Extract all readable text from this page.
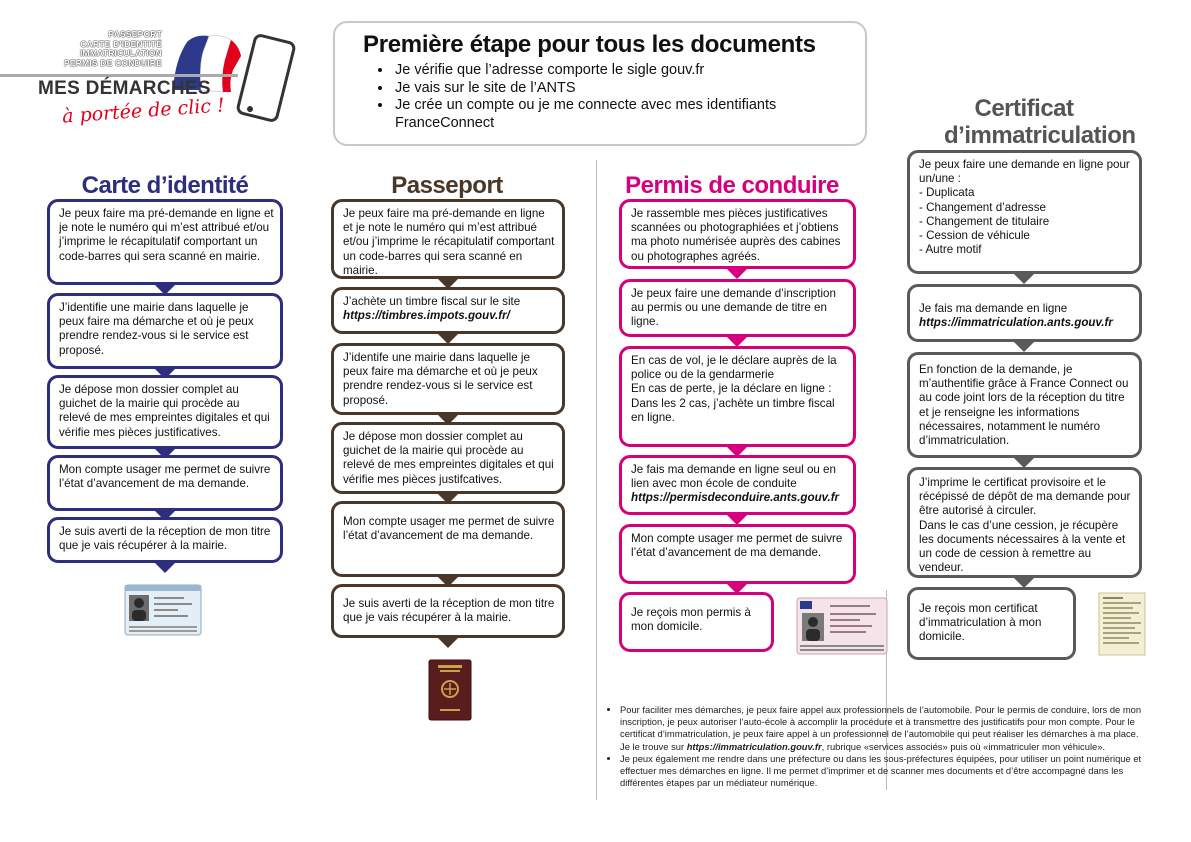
PASSEPORT
CARTE D'IDENTITÉ
IMMATRICULATION
PERMIS DE CONDUIRE
MES DÉMARCHES
à portée de clic !
Première étape pour tous les documents
• Je vérifie que l’adresse comporte le sigle gouv.fr
• Je vais sur le site de l’ANTS
• Je crée un compte ou je me connecte avec mes identifiants FranceConnect
Carte d’identité
Je peux faire ma pré-demande en ligne et je note le numéro qui m’est attribué et/ou j’imprime le récapitulatif comportant un code-barres qui sera scanné en mairie.
J’identifie une mairie dans laquelle je peux faire ma démarche et où je peux prendre rendez-vous si le service est proposé.
Je dépose mon dossier complet au guichet de la mairie qui procède au relevé de mes empreintes digitales et qui vérifie mes pièces justificatives.
Mon compte usager me permet de suivre l’état d’avancement de ma demande.
Je suis averti de la réception de mon titre que je vais récupérer à la mairie.
Passeport
Je peux faire ma pré-demande en ligne et je note le numéro qui m’est attribué et/ou j’imprime le récapitulatif comportant un code-barres qui sera scanné en mairie.
J’achète un timbre fiscal sur le site
https://timbres.impots.gouv.fr/
J’identife une mairie dans laquelle je peux faire ma démarche et où je peux prendre rendez-vous si le service est proposé.
Je dépose mon dossier complet au guichet de la mairie qui procède au relevé de mes empreintes digitales et qui vérifie mes pièces justifcatives.
Mon compte usager me permet de suivre l’état d’avancement de ma demande.
Je suis averti de la réception de mon titre que je vais récupérer à la mairie.
Permis de conduire
Je rassemble mes pièces justificatives scannées ou photographiées et j’obtiens ma photo numérisée auprès des cabines ou photographes agréés.
Je peux faire une demande d’inscription au permis ou une demande de titre en ligne.
En cas de vol, je le déclare auprès de la police ou de la gendarmerie
En cas de perte, je la déclare en ligne :
Dans les 2 cas, j’achète un timbre fiscal en ligne.
Je fais ma demande en ligne seul ou en lien avec mon école de conduite
https://permisdeconduire.ants.gouv.fr
Mon compte usager me permet de suivre l’état d’avancement de ma demande.
Je reçois mon permis à mon domicile.
Certificat d’immatriculation
Je peux faire une demande en ligne pour un/une :
- Duplicata
- Changement d’adresse
- Changement de titulaire
- Cession de véhicule
- Autre motif
Je fais ma demande en ligne
https://immatriculation.ants.gouv.fr
En fonction de la demande, je m’authentifie grâce à France Connect ou au code joint lors de la réception du titre et je renseigne les informations nécessaires, notamment le numéro d’immatriculation.
J’imprime le certificat provisoire et le récépissé de dépôt de ma demande pour être autorisé à circuler.
Dans le cas d’une cession, je récupère les documents nécessaires à la vente et un code de cession à remettre au vendeur.
Je reçois mon certificat d’immatriculation à mon domicile.
• Pour faciliter mes démarches, je peux faire appel aux professionnels de l’automobile. Pour le permis de conduire, lors de mon inscription, je peux autoriser l’auto-école à accomplir la procédure et à transmettre des justificatifs pour mon compte. Pour le certificat d’immatriculation, je peux faire appel à un professionnel de l’automobile qui peut réaliser les démarches à ma place. Je le trouve sur https://immatriculation.gouv.fr, rubrique «services associés» puis où «immatriculer mon véhicule».
• Je peux également me rendre dans une préfecture ou dans les sous-préfectures équipées, pour utiliser un point numérique et effectuer mes démarches en ligne. Il me permet d’imprimer et de scanner mes documents et d’être accompagné dans les différentes étapes par un médiateur numérique.
